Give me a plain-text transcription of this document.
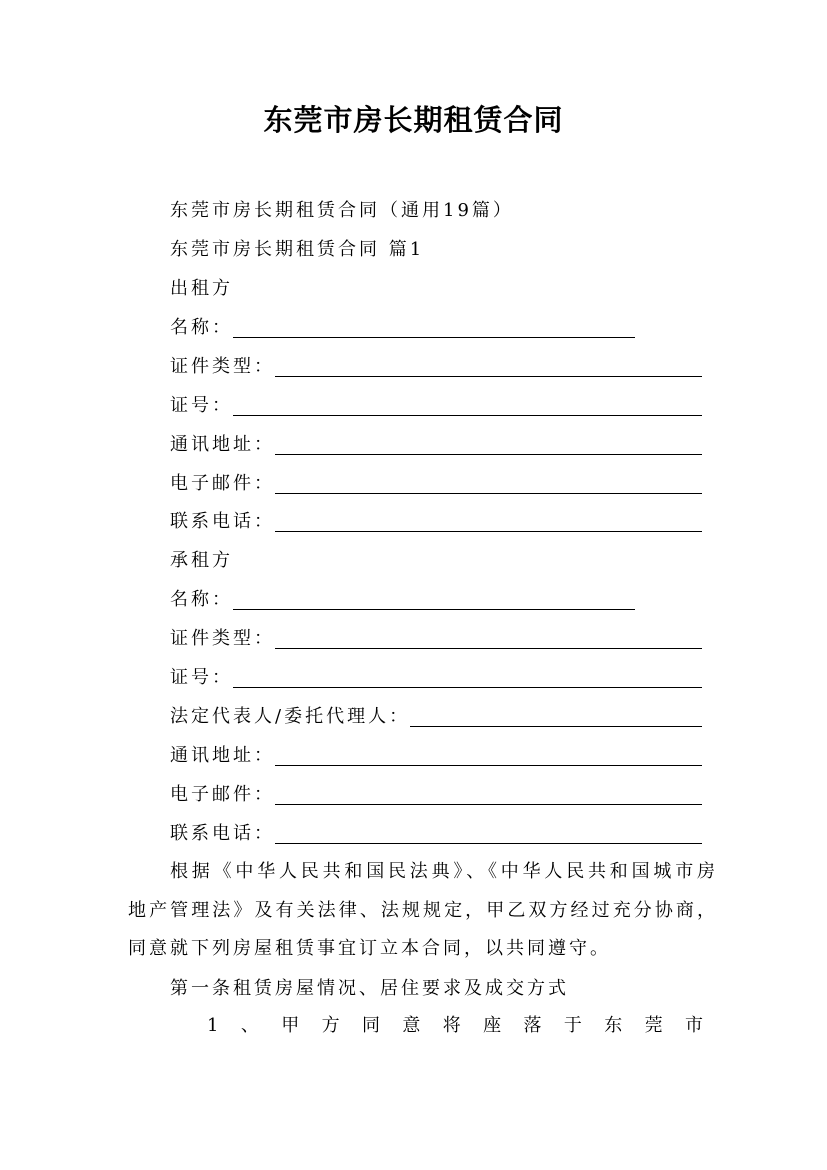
东莞市房长期租赁合同
东莞市房长期租赁合同（通用19篇）
东莞市房长期租赁合同 篇1
出租方
名称：
证件类型：
证号：
通讯地址：
电子邮件：
联系电话：
承租方
名称：
证件类型：
证号：
法定代表人/委托代理人：
通讯地址：
电子邮件：
联系电话：
根据《中华人民共和国民法典》、《中华人民共和国城市房地产管理法》及有关法律、法规规定，甲乙双方经过充分协商，同意就下列房屋租赁事宜订立本合同，以共同遵守。
第一条租赁房屋情况、居住要求及成交方式
1 、 甲 方 同 意 将 座 落 于 东 莞 市
